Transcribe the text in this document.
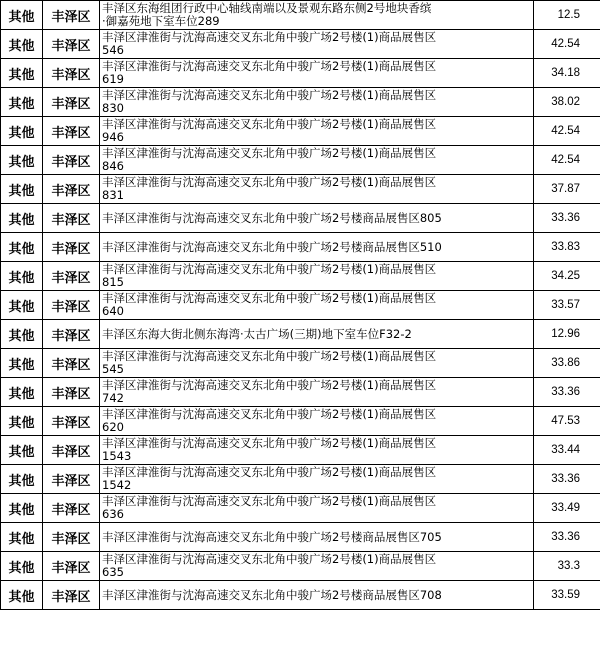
其他	丰泽区	丰泽区东海组团行政中心轴线南端以及景观东路东侧2号地块香缤
·御嘉苑地下室车位289	12.5
其他	丰泽区	丰泽区津淮街与沈海高速交叉东北角中骏广场2号楼(1)商品展售区
546	42.54
其他	丰泽区	丰泽区津淮街与沈海高速交叉东北角中骏广场2号楼(1)商品展售区
619	34.18
其他	丰泽区	丰泽区津淮街与沈海高速交叉东北角中骏广场2号楼(1)商品展售区
830	38.02
其他	丰泽区	丰泽区津淮街与沈海高速交叉东北角中骏广场2号楼(1)商品展售区
946	42.54
其他	丰泽区	丰泽区津淮街与沈海高速交叉东北角中骏广场2号楼(1)商品展售区
846	42.54
其他	丰泽区	丰泽区津淮街与沈海高速交叉东北角中骏广场2号楼(1)商品展售区
831	37.87
其他	丰泽区	丰泽区津淮街与沈海高速交叉东北角中骏广场2号楼商品展售区805	33.36
其他	丰泽区	丰泽区津淮街与沈海高速交叉东北角中骏广场2号楼商品展售区510	33.83
其他	丰泽区	丰泽区津淮街与沈海高速交叉东北角中骏广场2号楼(1)商品展售区
815	34.25
其他	丰泽区	丰泽区津淮街与沈海高速交叉东北角中骏广场2号楼(1)商品展售区
640	33.57
其他	丰泽区	丰泽区东海大街北侧东海湾·太古广场(三期)地下室车位F32-2	12.96
其他	丰泽区	丰泽区津淮街与沈海高速交叉东北角中骏广场2号楼(1)商品展售区
545	33.86
其他	丰泽区	丰泽区津淮街与沈海高速交叉东北角中骏广场2号楼(1)商品展售区
742	33.36
其他	丰泽区	丰泽区津淮街与沈海高速交叉东北角中骏广场2号楼(1)商品展售区
620	47.53
其他	丰泽区	丰泽区津淮街与沈海高速交叉东北角中骏广场2号楼(1)商品展售区
1543	33.44
其他	丰泽区	丰泽区津淮街与沈海高速交叉东北角中骏广场2号楼(1)商品展售区
1542	33.36
其他	丰泽区	丰泽区津淮街与沈海高速交叉东北角中骏广场2号楼(1)商品展售区
636	33.49
其他	丰泽区	丰泽区津淮街与沈海高速交叉东北角中骏广场2号楼商品展售区705	33.36
其他	丰泽区	丰泽区津淮街与沈海高速交叉东北角中骏广场2号楼(1)商品展售区
635	33.3
其他	丰泽区	丰泽区津淮街与沈海高速交叉东北角中骏广场2号楼商品展售区708	33.59
